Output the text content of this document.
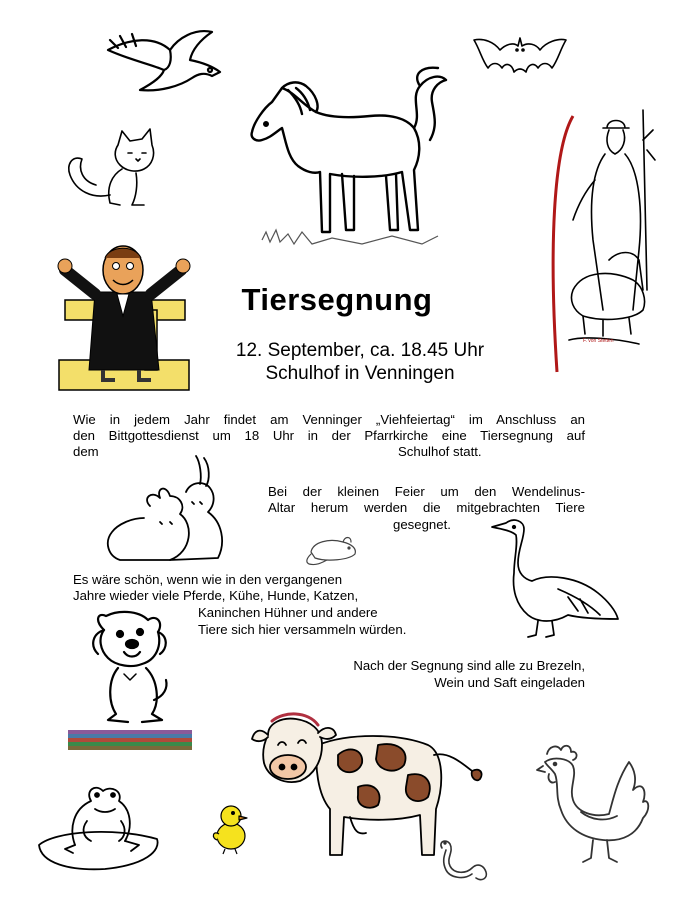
F. von Stetten
Tiersegnung
12. September, ca. 18.45 Uhr
Schulhof in Venningen
Wie in jedem Jahr findet am Venninger „Viehfeiertag“ im Anschluss an
den Bittgottesdienst um 18 Uhr in der Pfarrkirche eine Tiersegnung auf
dem	Schulhof statt.
Bei der kleinen Feier um den Wendelinus-
Altar herum werden die mitgebrachten Tiere
gesegnet.
Es wäre schön, wenn wie in den vergangenen
Jahre wieder viele Pferde, Kühe, Hunde, Katzen,
Kaninchen Hühner und andere
Tiere sich hier versammeln würden.
Nach der Segnung sind alle zu Brezeln,
Wein und Saft eingeladen
